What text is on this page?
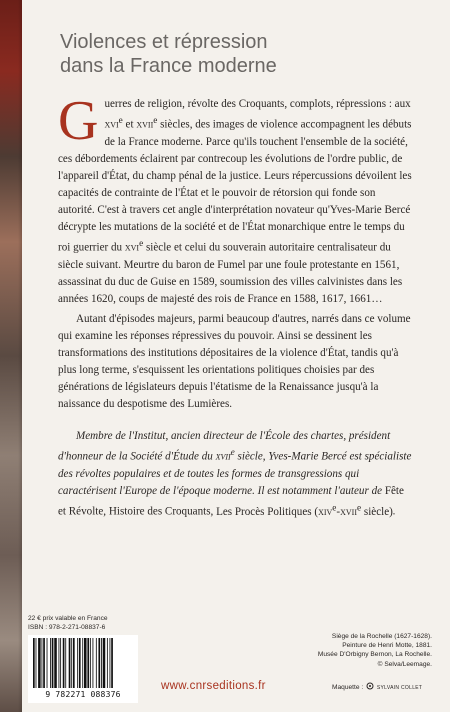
Violences et répression
dans la France moderne

Guerres de religion, révolte des Croquants, complots, répressions : aux xvi$^e$ et xvii$^e$ siècles, des images de violence accompagnent les débuts de la France moderne. Parce qu'ils touchent l'ensemble de la société, ces débordements éclairent par contrecoup les évolutions de l'ordre public, de l'appareil d'État, du champ pénal de la justice. Leurs répercussions dévoilent les capacités de contrainte de l'État et le pouvoir de rétorsion qui fonde son autorité. C'est à travers cet angle d'interprétation novateur qu'Yves-Marie Bercé décrypte les mutations de la société et de l'État monarchique entre le temps du roi guerrier du xvi$^e$ siècle et celui du souverain autoritaire centralisateur du siècle suivant. Meurtre du baron de Fumel par une foule protestante en 1561, assassinat du duc de Guise en 1589, soumission des villes calvinistes dans les années 1620, coups de majesté des rois de France en 1588, 1617, 1661…

Autant d'épisodes majeurs, parmi beaucoup d'autres, narrés dans ce volume qui examine les réponses répressives du pouvoir. Ainsi se dessinent les transformations des institutions dépositaires de la violence d'État, tandis qu'à plus long terme, s'esquissent les orientations politiques choisies par des générations de législateurs depuis l'étatisme de la Renaissance jusqu'à la naissance du despotisme des Lumières.

Membre de l'Institut, ancien directeur de l'École des chartes, président d'honneur de la Société d'Étude du xvii$^e$ siècle, Yves-Marie Bercé est spécialiste des révoltes populaires et de toutes les formes de transgressions qui caractérisent l'Europe de l'époque moderne. Il est notamment l'auteur de Fête et Révolte, Histoire des Croquants, Les Procès Politiques (xiv$^e$-xvii$^e$ siècle).

22 € prix valable en France
ISBN : 978-2-271-08837-6
9 782271 088376
www.cnrseditions.fr
Siège de la Rochelle (1627-1628).
Peinture de Henri Motte, 1881.
Musée D'Orbigny Bernon, La Rochelle.
© Selva/Leemage.
Maquette :	SYLVAIN COLLET
